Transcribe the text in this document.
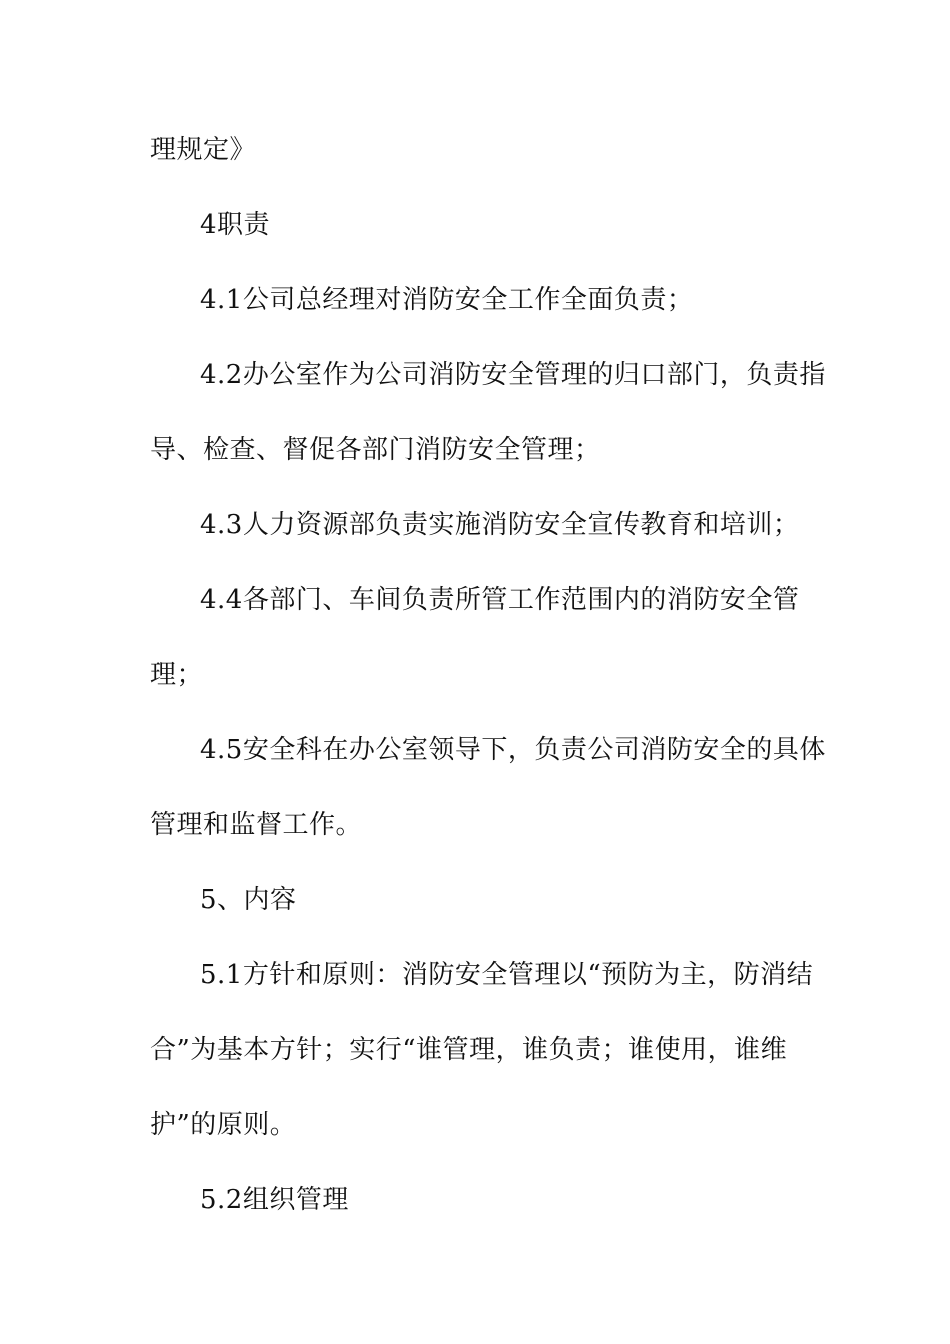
理规定》
4职责
4.1公司总经理对消防安全工作全面负责；
4.2办公室作为公司消防安全管理的归口部门，负责指
导、检查、督促各部门消防安全管理；
4.3人力资源部负责实施消防安全宣传教育和培训；
4.4各部门、车间负责所管工作范围内的消防安全管
理；
4.5安全科在办公室领导下，负责公司消防安全的具体
管理和监督工作。
5、内容
5.1方针和原则：消防安全管理以“预防为主，防消结
合”为基本方针；实行“谁管理，谁负责；谁使用，谁维
护”的原则。
5.2组织管理
